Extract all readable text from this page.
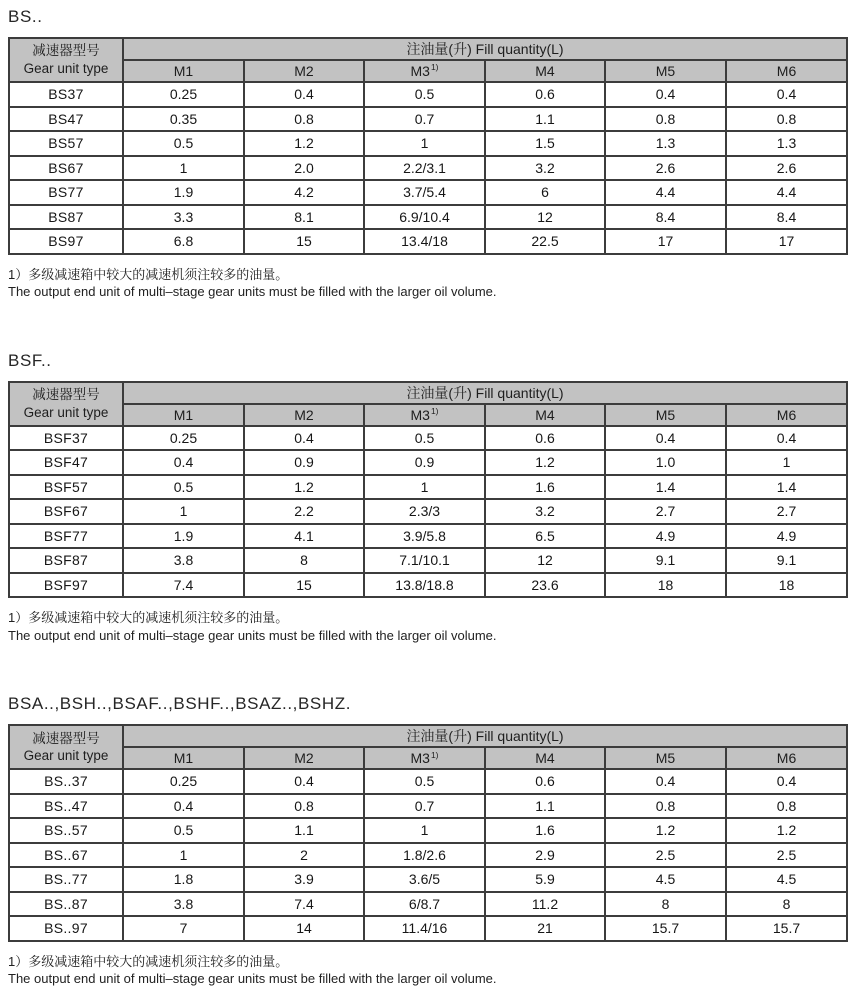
BS..
减速器型号
Gear unit type	注油量(升) Fill quantity(L)					
	M1	M2	M3$^{1)}$	M4	M5	M6
BS37	0.25	0.4	0.5	0.6	0.4	0.4
BS47	0.35	0.8	0.7	1.1	0.8	0.8
BS57	0.5	1.2	1	1.5	1.3	1.3
BS67	1	2.0	2.2/3.1	3.2	2.6	2.6
BS77	1.9	4.2	3.7/5.4	6	4.4	4.4
BS87	3.3	8.1	6.9/10.4	12	8.4	8.4
BS97	6.8	15	13.4/18	22.5	17	17

1）多级减速箱中较大的减速机须注较多的油量。
The output end unit of multi–stage gear units must be filled with the larger oil volume.

BSF..
减速器型号
Gear unit type	注油量(升) Fill quantity(L)					
	M1	M2	M3$^{1)}$	M4	M5	M6
BSF37	0.25	0.4	0.5	0.6	0.4	0.4
BSF47	0.4	0.9	0.9	1.2	1.0	1
BSF57	0.5	1.2	1	1.6	1.4	1.4
BSF67	1	2.2	2.3/3	3.2	2.7	2.7
BSF77	1.9	4.1	3.9/5.8	6.5	4.9	4.9
BSF87	3.8	8	7.1/10.1	12	9.1	9.1
BSF97	7.4	15	13.8/18.8	23.6	18	18

1）多级减速箱中较大的减速机须注较多的油量。
The output end unit of multi–stage gear units must be filled with the larger oil volume.

BSA..,BSH..,BSAF..,BSHF..,BSAZ..,BSHZ.
减速器型号
Gear unit type	注油量(升) Fill quantity(L)					
	M1	M2	M3$^{1)}$	M4	M5	M6
BS..37	0.25	0.4	0.5	0.6	0.4	0.4
BS..47	0.4	0.8	0.7	1.1	0.8	0.8
BS..57	0.5	1.1	1	1.6	1.2	1.2
BS..67	1	2	1.8/2.6	2.9	2.5	2.5
BS..77	1.8	3.9	3.6/5	5.9	4.5	4.5
BS..87	3.8	7.4	6/8.7	11.2	8	8
BS..97	7	14	11.4/16	21	15.7	15.7

1）多级减速箱中较大的减速机须注较多的油量。
The output end unit of multi–stage gear units must be filled with the larger oil volume.
